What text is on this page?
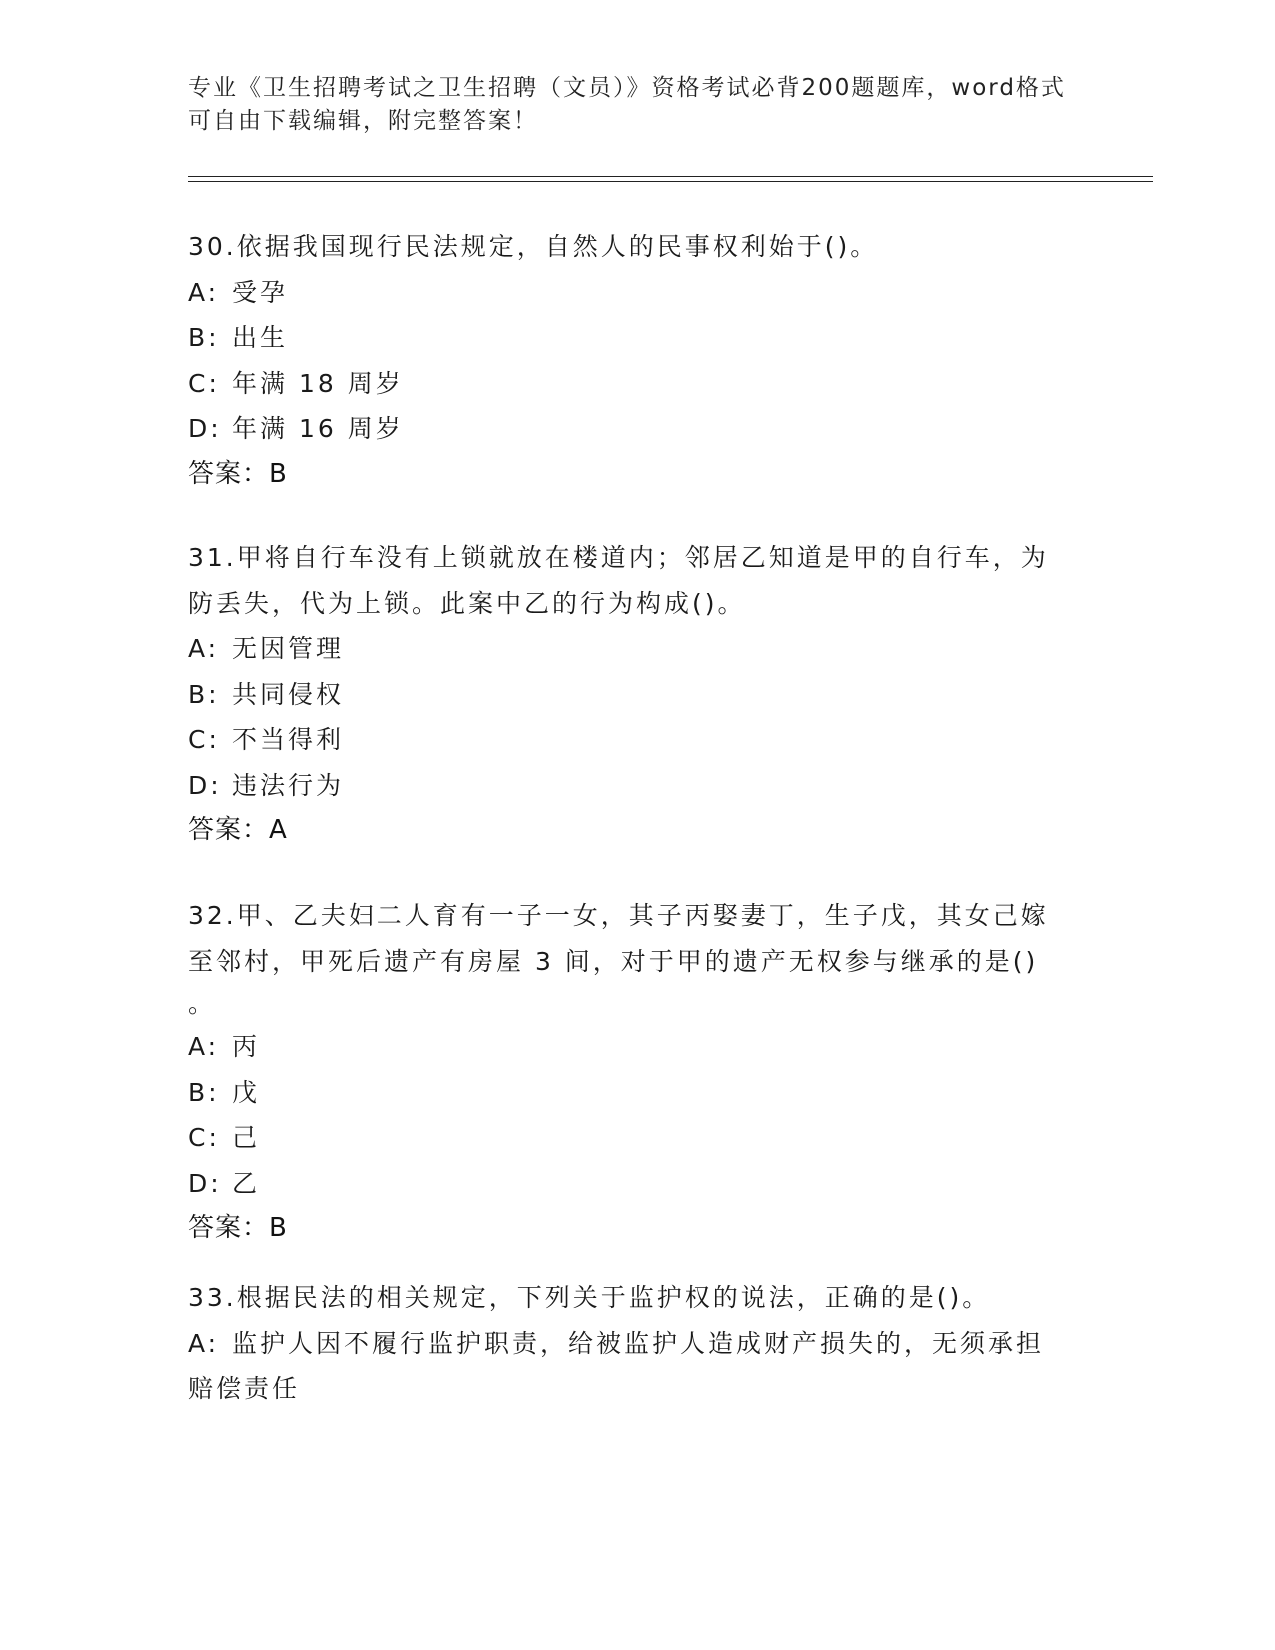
专业《卫生招聘考试之卫生招聘（文员）》资格考试必背200题题库，word格式
可自由下载编辑，附完整答案！
30.依据我国现行民法规定，自然人的民事权利始于()。
A: 受孕
B: 出生
C: 年满 18 周岁
D: 年满 16 周岁
答案：B
31.甲将自行车没有上锁就放在楼道内；邻居乙知道是甲的自行车，为
防丢失，代为上锁。此案中乙的行为构成()。
A: 无因管理
B: 共同侵权
C: 不当得利
D: 违法行为
答案：A
32.甲、乙夫妇二人育有一子一女，其子丙娶妻丁，生子戊，其女己嫁
至邻村，甲死后遗产有房屋 3 间，对于甲的遗产无权参与继承的是()
。
A: 丙
B: 戊
C: 己
D: 乙
答案：B
33.根据民法的相关规定，下列关于监护权的说法，正确的是()。
A: 监护人因不履行监护职责，给被监护人造成财产损失的，无须承担
赔偿责任
